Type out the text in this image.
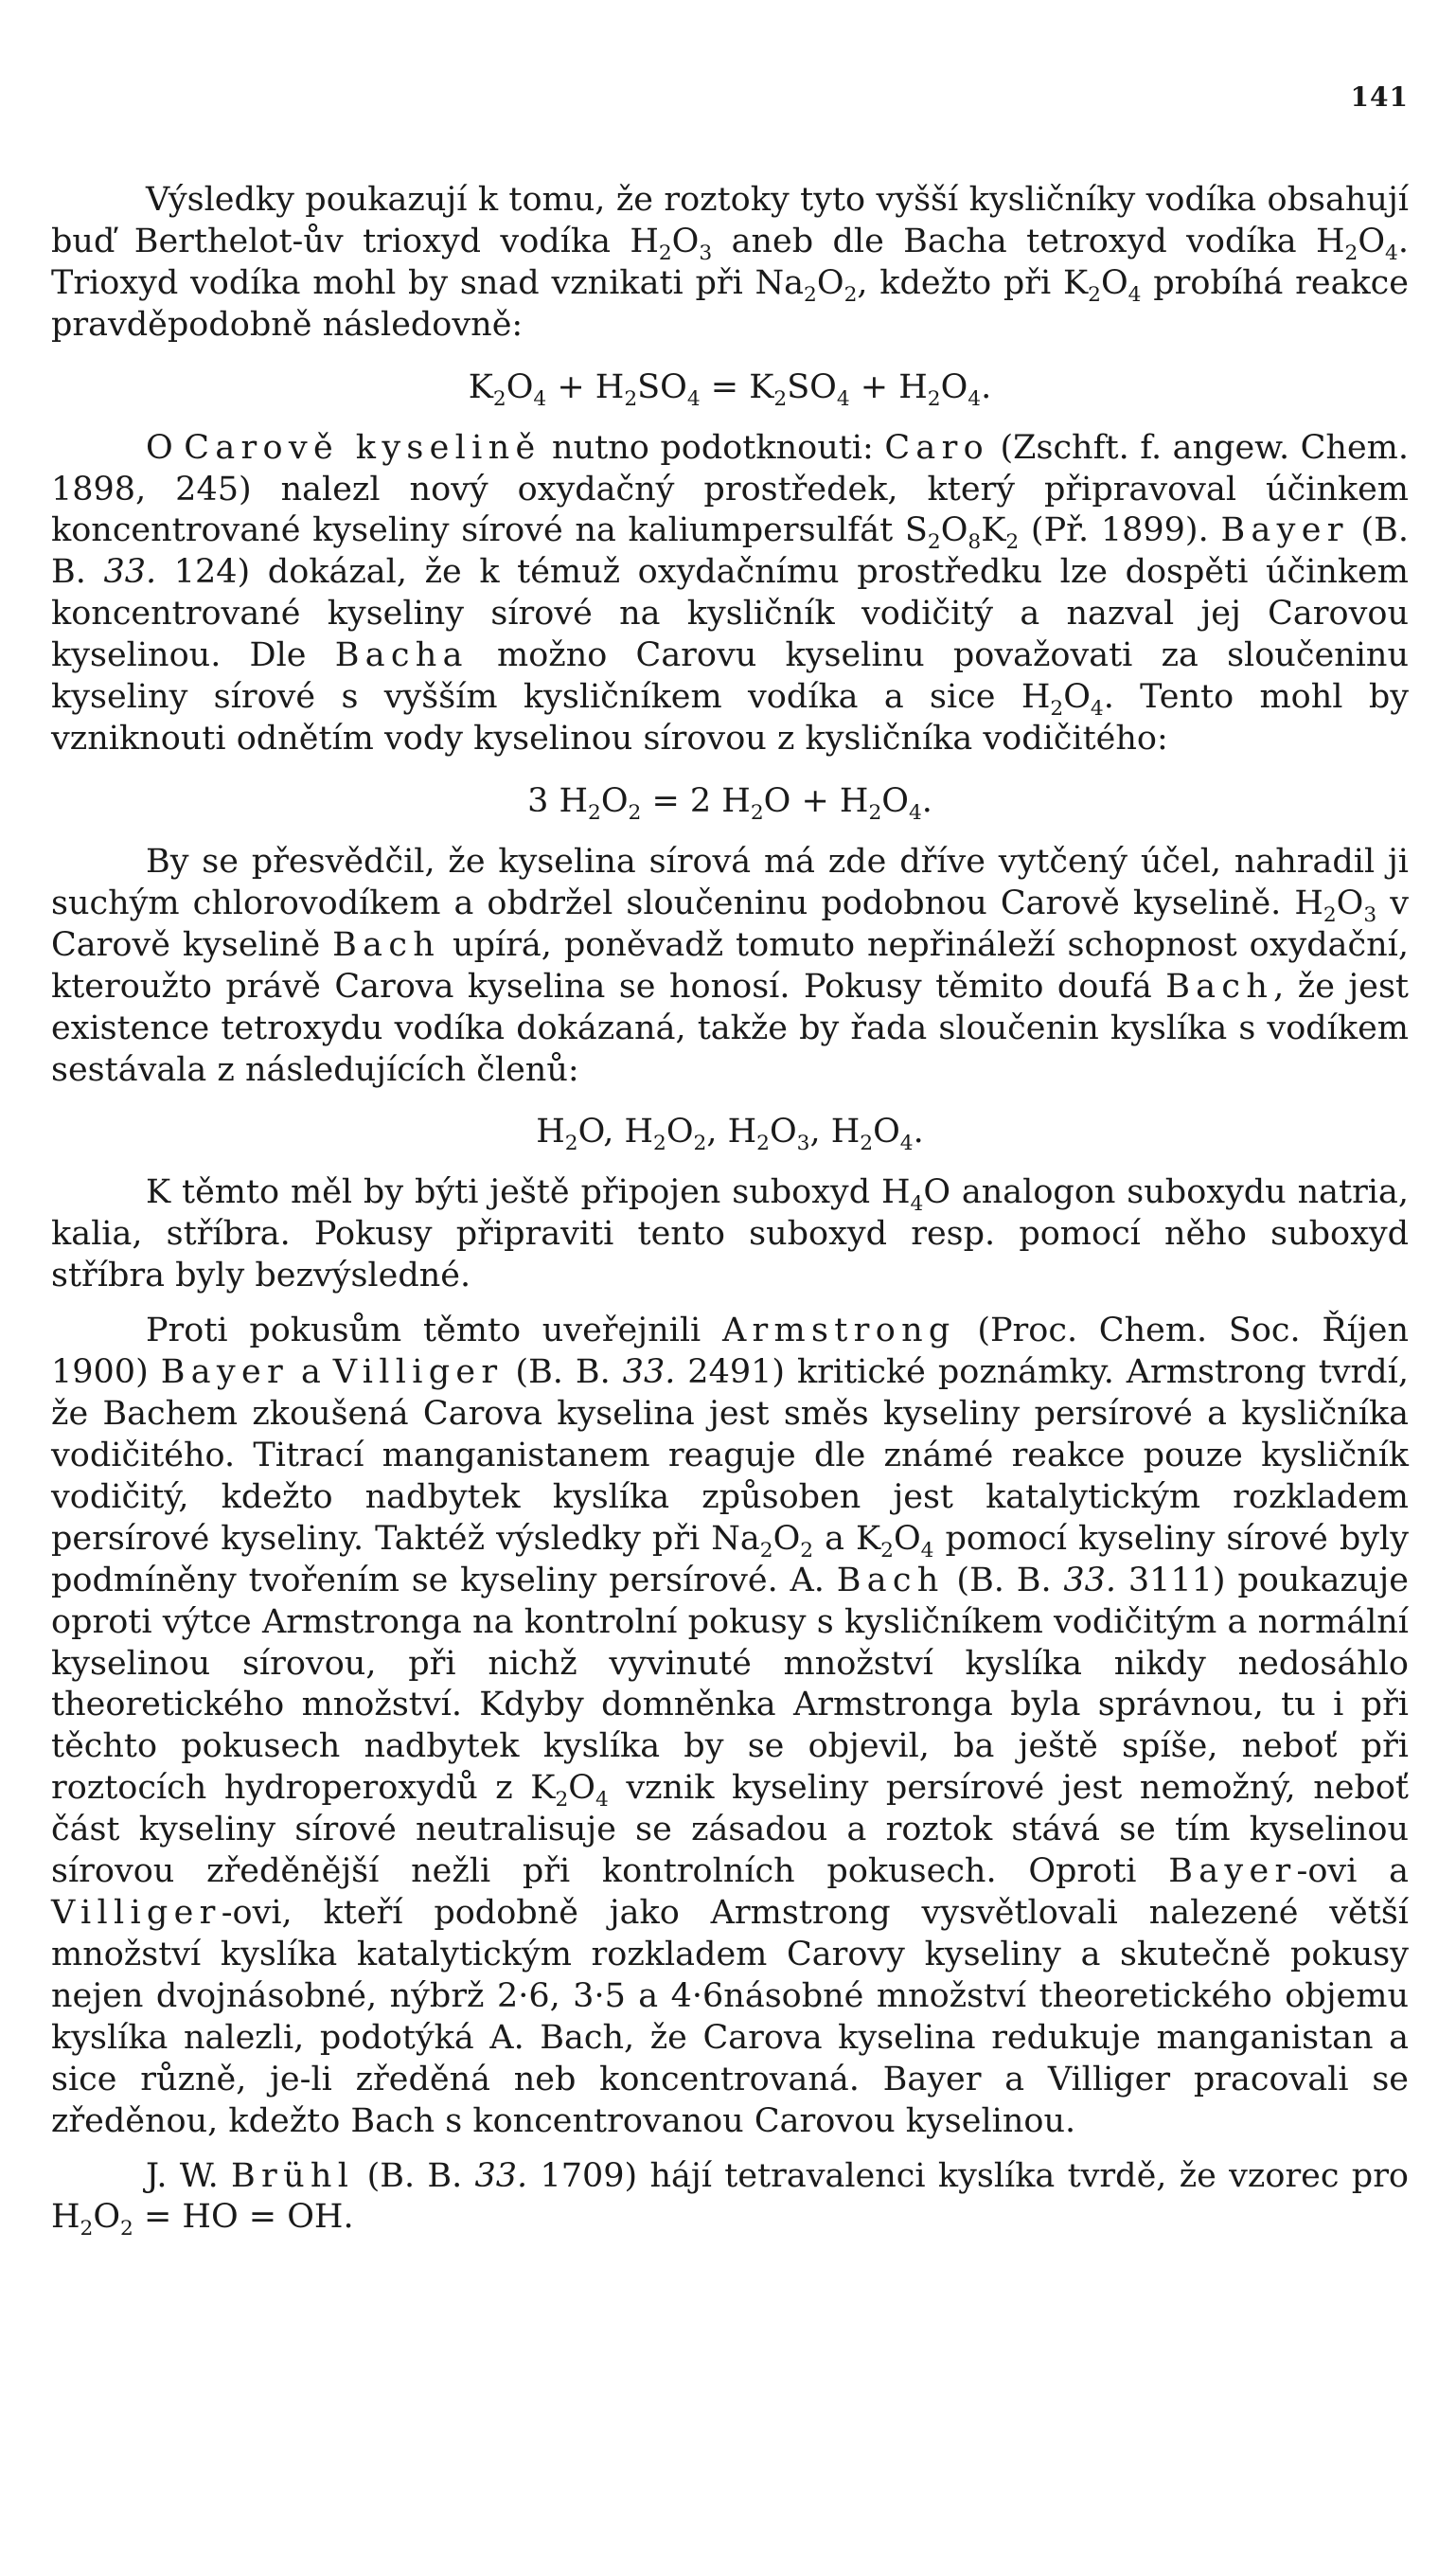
141

Výsledky poukazují k tomu, že roztoky tyto vyšší kysličníky vodíka obsahují buď Berthelot-ův trioxyd vodíka $H_2O_3$ aneb dle Bacha tetroxyd vodíka $H_2O_4$. Trioxyd vodíka mohl by snad vznikati při $Na_2O_2$, kdežto při $K_2O_4$ probíhá reakce pravděpodobně následovně:

$K_2O_4 + H_2SO_4 = K_2SO_4 + H_2O_4$.

O Carově kyselině nutno podotknouti: Caro (Zschft. f. angew. Chem. 1898, 245) nalezl nový oxydačný prostředek, který připravoval účinkem koncentrované kyseliny sírové na kaliumpersulfát $S_2O_8K_2$ (Př. 1899). Bayer (B. B. 33. 124) dokázal, že k témuž oxydačnímu prostředku lze dospěti účinkem koncentrované kyseliny sírové na kysličník vodičitý a nazval jej Carovou kyselinou. Dle Bacha možno Carovu kyselinu považovati za sloučeninu kyseliny sírové s vyšším kysličníkem vodíka a sice $H_2O_4$. Tento mohl by vzniknouti odnětím vody kyselinou sírovou z kysličníka vodičitého:

3 $H_2O_2 = 2$ $H_2O + H_2O_4$.

By se přesvědčil, že kyselina sírová má zde dříve vytčený účel, nahradil ji suchým chlorovodíkem a obdržel sloučeninu podobnou Carově kyselině. $H_2O_3$ v Carově kyselině Bach upírá, poněvadž tomuto nepřináleží schopnost oxydační, kteroužto právě Carova kyselina se honosí. Pokusy těmito doufá Bach, že jest existence tetroxydu vodíka dokázaná, takže by řada sloučenin kyslíka s vodíkem sestávala z následujících členů:

$H_2O$, $H_2O_2$, $H_2O_3$, $H_2O_4$.

K těmto měl by býti ještě připojen suboxyd $H_4O$ analogon suboxydu natria, kalia, stříbra. Pokusy připraviti tento suboxyd resp. pomocí něho suboxyd stříbra byly bezvýsledné.

Proti pokusům těmto uveřejnili Armstrong (Proc. Chem. Soc. Říjen 1900) Bayer a Villiger (B. B. 33. 2491) kritické poznámky. Armstrong tvrdí, že Bachem zkoušená Carova kyselina jest směs kyseliny persírové a kysličníka vodičitého. Titrací manganistanem reaguje dle známé reakce pouze kysličník vodičitý, kdežto nadbytek kyslíka způsoben jest katalytickým rozkladem persírové kyseliny. Taktéž výsledky při $Na_2O_2$ a $K_2O_4$ pomocí kyseliny sírové byly podmíněny tvořením se kyseliny persírové. A. Bach (B. B. 33. 3111) poukazuje oproti výtce Armstronga na kontrolní pokusy s kysličníkem vodičitým a normální kyselinou sírovou, při nichž vyvinuté množství kyslíka nikdy nedosáhlo theoretického množství. Kdyby domněnka Armstronga byla správnou, tu i při těchto pokusech nadbytek kyslíka by se objevil, ba ještě spíše, neboť při roztocích hydroperoxydů z $K_2O_4$ vznik kyseliny persírové jest nemožný, neboť část kyseliny sírové neutralisuje se zásadou a roztok stává se tím kyselinou sírovou zředěnější nežli při kontrolních pokusech. Oproti Bayer-ovi a Villiger-ovi, kteří podobně jako Armstrong vysvětlovali nalezené větší množství kyslíka katalytickým rozkladem Carovy kyseliny a skutečně pokusy nejen dvojnásobné, nýbrž 2·6, 3·5 a 4·6násobné množství theoretického objemu kyslíka nalezli, podotýká A. Bach, že Carova kyselina redukuje manganistan a sice různě, je-li zředěná neb koncentrovaná. Bayer a Villiger pracovali se zředěnou, kdežto Bach s koncentrovanou Carovou kyselinou.

J. W. Brühl (B. B. 33. 1709) hájí tetravalenci kyslíka tvrdě, že vzorec pro $H_2O_2$ = HO = OH.
